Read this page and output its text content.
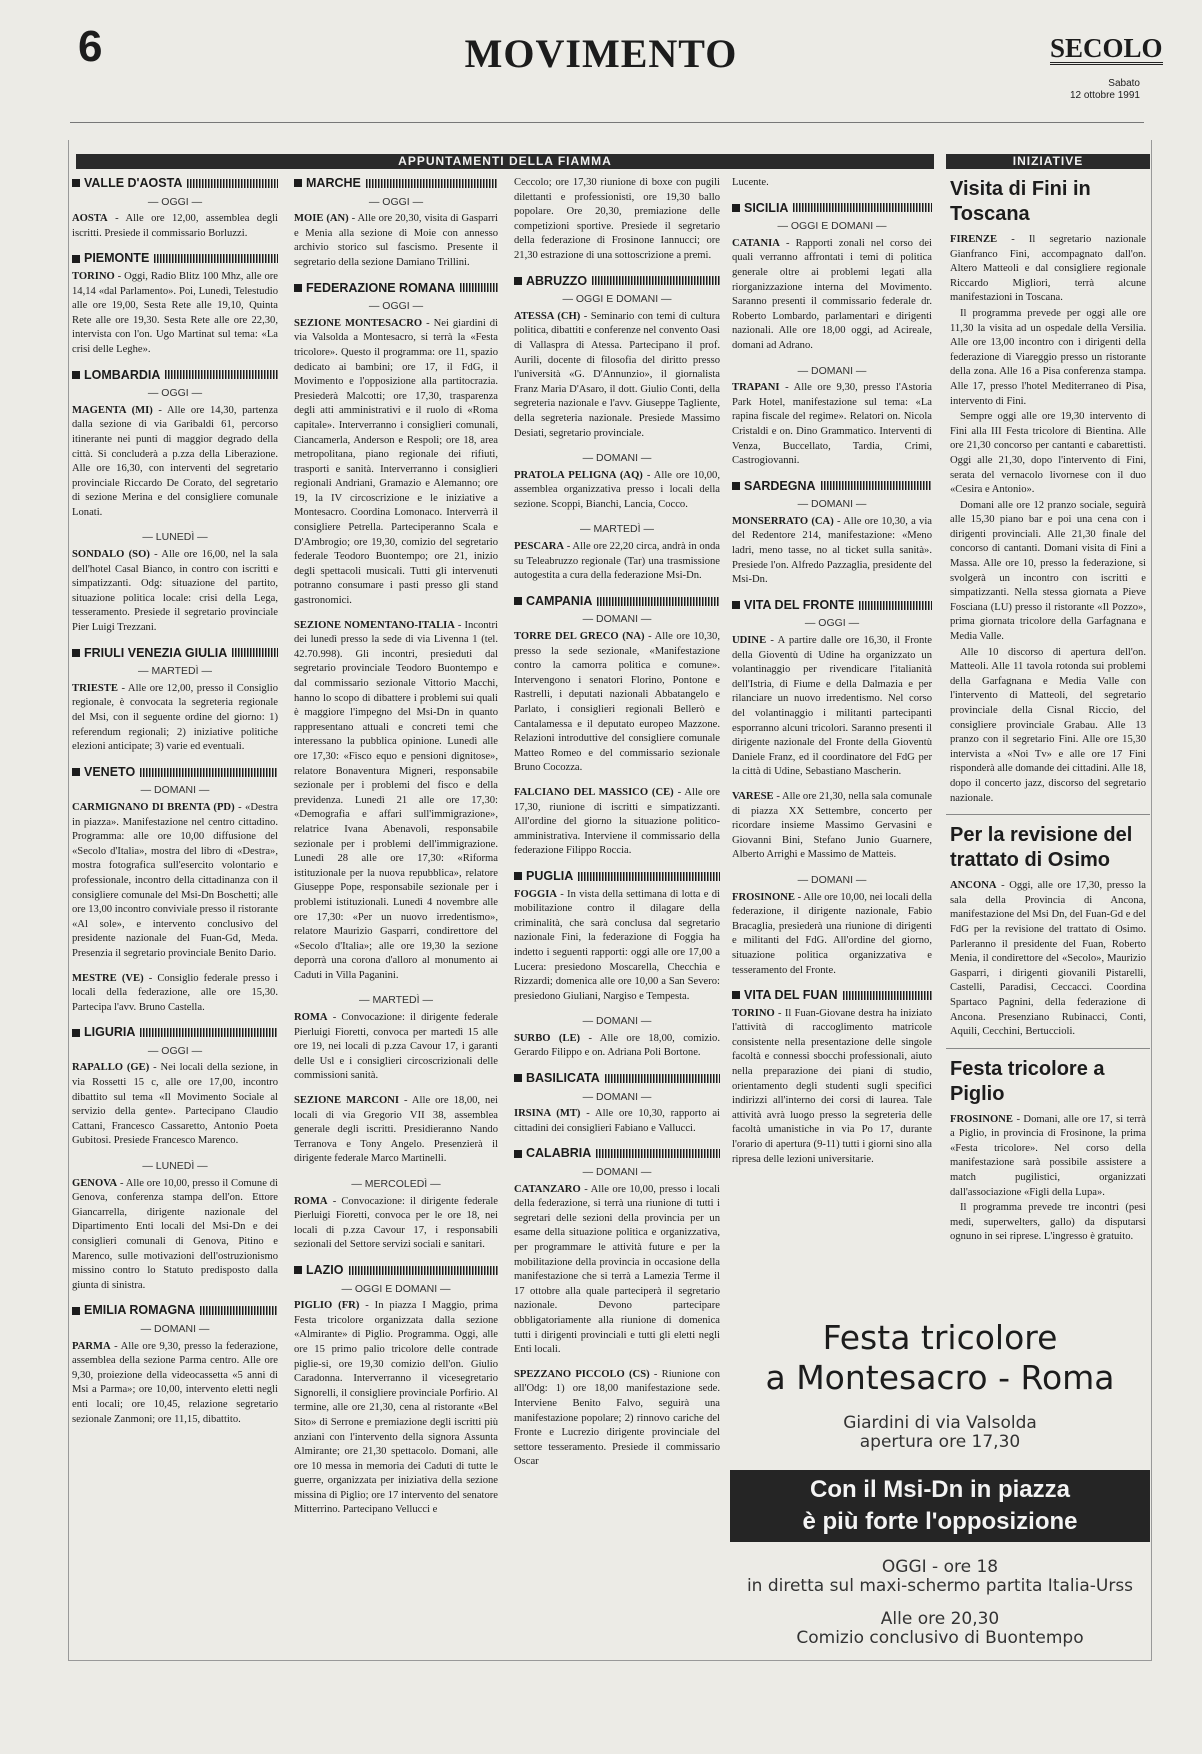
6	MOVIMENTO	SECOLO
Sabato
12 ottobre 1991
APPUNTAMENTI DELLA FIAMMA
VALLE D'AOSTA
— OGGI —

AOSTA - Alle ore 12,00, assemblea degli iscritti. Presiede il commissario Borluzzi.

PIEMONTE

TORINO - Oggi, Radio Blitz 100 Mhz, alle ore 14,14 «dal Parlamento». Poi, Lunedì, Telestudio alle ore 19,00, Sesta Rete alle 19,10, Quinta Rete alle ore 19,30. Sesta Rete alle ore 22,30, intervista con l'on. Ugo Martinat sul tema: «La crisi delle Leghe».

LOMBARDIA
— OGGI —

MAGENTA (MI) - Alle ore 14,30, partenza dalla sezione di via Garibaldi 61, percorso itinerante nei punti di maggior degrado della città. Si concluderà a p.zza della Liberazione. Alle ore 16,30, con interventi del segretario provinciale Riccardo De Corato, del segretario di sezione Merina e del consigliere comunale Lonati.

— LUNEDÌ —

SONDALO (SO) - Alle ore 16,00, nel la sala dell'hotel Casal Bianco, in contro con iscritti e simpatizzanti. Odg: situazione del partito, situazione politica locale: crisi della Lega, tesseramento. Presiede il segretario provinciale Pier Luigi Trezzani.

FRIULI VENEZIA GIULIA
— MARTEDÌ —

TRIESTE - Alle ore 12,00, presso il Consiglio regionale, è convocata la segreteria regionale del Msi, con il seguente ordine del giorno: 1) referendum regionali; 2) iniziative politiche elezioni anticipate; 3) varie ed eventuali.

VENETO
— DOMANI —

CARMIGNANO DI BRENTA (PD) - «Destra in piazza». Manifestazione nel centro cittadino. Programma: alle ore 10,00 diffusione del «Secolo d'Italia», mostra del libro di «Destra», mostra fotografica sull'esercito volontario e professionale, incontro della cittadinanza con il consigliere comunale del Msi-Dn Boschetti; alle ore 13,00 incontro conviviale presso il ristorante «Al sole», e intervento conclusivo del presidente nazionale del Fuan-Gd, Meda. Presenzia il segretario provinciale Benito Dario.

MESTRE (VE) - Consiglio federale presso i locali della federazione, alle ore 15,30. Partecipa l'avv. Bruno Castella.

LIGURIA
— OGGI —

RAPALLO (GE) - Nei locali della sezione, in via Rossetti 15 c, alle ore 17,00, incontro dibattito sul tema «Il Movimento Sociale al servizio della gente». Partecipano Claudio Cattani, Francesco Cassaretto, Antonio Poeta Gubitosi. Presiede Francesco Marenco.

— LUNEDÌ —

GENOVA - Alle ore 10,00, presso il Comune di Genova, conferenza stampa dell'on. Ettore Giancarrella, dirigente nazionale del Dipartimento Enti locali del Msi-Dn e dei consiglieri comunali di Genova, Pitino e Marenco, sulle motivazioni dell'ostruzionismo missino contro lo Statuto predisposto dalla giunta di sinistra.

EMILIA ROMAGNA
— DOMANI —

PARMA - Alle ore 9,30, presso la federazione, assemblea della sezione Parma centro. Alle ore 9,30, proiezione della videocassetta «5 anni di Msi a Parma»; ore 10,00, intervento eletti negli enti locali; ore 10,45, relazione segretario sezionale Zanmoni; ore 11,15, dibattito.

MARCHE
— OGGI —

MOIE (AN) - Alle ore 20,30, visita di Gasparri e Menia alla sezione di Moie con annesso archivio storico sul fascismo. Presente il segretario della sezione Damiano Trillini.

FEDERAZIONE ROMANA
— OGGI —

SEZIONE MONTESACRO - Nei giardini di via Valsolda a Montesacro, si terrà la «Festa tricolore». Questo il programma: ore 11, spazio dedicato ai bambini; ore 17, il FdG, il Movimento e l'opposizione alla partitocrazia. Presiederà Malcotti; ore 17,30, trasparenza degli atti amministrativi e il ruolo di «Roma capitale». Interverranno i consiglieri comunali, Ciancamerla, Anderson e Respoli; ore 18, area metropolitana, piano regionale dei rifiuti, trasporti e sanità. Interverranno i consiglieri regionali Andriani, Gramazio e Alemanno; ore 19, la IV circoscrizione e le iniziative a Montesacro. Coordina Lomonaco. Interverrà il consigliere Petrella. Parteciperanno Scala e D'Ambrogio; ore 19,30, comizio del segretario federale Teodoro Buontempo; ore 21, inizio degli spettacoli musicali. Tutti gli intervenuti potranno consumare i pasti presso gli stand gastronomici.

SEZIONE NOMENTANO-ITALIA - Incontri dei lunedì presso la sede di via Livenna 1 (tel. 42.70.998). Gli incontri, presieduti dal segretario provinciale Teodoro Buontempo e dal commissario sezionale Vittorio Macchi, hanno lo scopo di dibattere i problemi sui quali è maggiore l'impegno del Msi-Dn in quanto rappresentano attuali e concreti temi che interessano la pubblica opinione. Lunedì alle ore 17,30: «Fisco equo e pensioni dignitose», relatore Bonaventura Migneri, responsabile sezionale per i problemi del fisco e della previdenza. Lunedì 21 alle ore 17,30: «Demografia e affari sull'immigrazione», relatrice Ivana Abenavoli, responsabile sezionale per i problemi dell'immigrazione. Lunedì 28 alle ore 17,30: «Riforma istituzionale per la nuova repubblica», relatore Giuseppe Pope, responsabile sezionale per i problemi istituzionali. Lunedì 4 novembre alle ore 17,30: «Per un nuovo irredentismo», relatore Maurizio Gasparri, condirettore del «Secolo d'Italia»; alle ore 19,30 la sezione deporrà una corona d'alloro al monumento ai Caduti in Villa Paganini.

— MARTEDÌ —

ROMA - Convocazione: il dirigente federale Pierluigi Fioretti, convoca per martedì 15 alle ore 19, nei locali di p.zza Cavour 17, i garanti delle Usl e i consiglieri circoscrizionali delle commissioni sanità.

SEZIONE MARCONI - Alle ore 18,00, nei locali di via Gregorio VII 38, assemblea generale degli iscritti. Presidieranno Nando Terranova e Tony Angelo. Presenzierà il dirigente federale Marco Martinelli.

— MERCOLEDÌ —

ROMA - Convocazione: il dirigente federale Pierluigi Fioretti, convoca per le ore 18, nei locali di p.zza Cavour 17, i responsabili sezionali del Settore servizi sociali e sanitari.

LAZIO
— OGGI E DOMANI —

PIGLIO (FR) - In piazza I Maggio, prima Festa tricolore organizzata dalla sezione «Almirante» di Piglio. Programma. Oggi, alle ore 15 primo palio tricolore delle contrade piglie-si, ore 19,30 comizio dell'on. Giulio Caradonna. Interverranno il vicesegretario Signorelli, il consigliere provinciale Porfirio. Al termine, alle ore 21,30, cena al ristorante «Bel Sito» di Serrone e premiazione degli iscritti più anziani con l'intervento della signora Assunta Almirante; ore 21,30 spettacolo. Domani, alle ore 10 messa in memoria dei Caduti di tutte le guerre, organizzata per iniziativa della sezione missina di Piglio; ore 17 intervento del senatore Mitterrino. Partecipano Vellucci e

Ceccolo; ore 17,30 riunione di boxe con pugili dilettanti e professionisti, ore 19,30 ballo popolare. Ore 20,30, premiazione delle competizioni sportive. Presiede il segretario della federazione di Frosinone Iannucci; ore 21,30 estrazione di una sottoscrizione a premi.

ABRUZZO
— OGGI E DOMANI —

ATESSA (CH) - Seminario con temi di cultura politica, dibattiti e conferenze nel convento Oasi di Vallaspra di Atessa. Partecipano il prof. Aurili, docente di filosofia del diritto presso l'università «G. D'Annunzio», il giornalista Franz Maria D'Asaro, il dott. Giulio Conti, della segreteria nazionale e l'avv. Giuseppe Tagliente, della segreteria nazionale. Presiede Massimo Desiati, segretario provinciale.

— DOMANI —

PRATOLA PELIGNA (AQ) - Alle ore 10,00, assemblea organizzativa presso i locali della sezione. Scoppi, Bianchi, Lancia, Cocco.

— MARTEDÌ —

PESCARA - Alle ore 22,20 circa, andrà in onda su Teleabruzzo regionale (Tar) una trasmissione autogestita a cura della federazione Msi-Dn.

CAMPANIA
— DOMANI —

TORRE DEL GRECO (NA) - Alle ore 10,30, presso la sede sezionale, «Manifestazione contro la camorra politica e comune». Intervengono i senatori Florino, Pontone e Rastrelli, i deputati nazionali Abbatangelo e Parlato, i consiglieri regionali Bellerò e Cantalamessa e il deputato europeo Mazzone. Relazioni introduttive del consigliere comunale Matteo Romeo e del commissario sezionale Bruno Cocozza.

FALCIANO DEL MASSICO (CE) - Alle ore 17,30, riunione di iscritti e simpatizzanti. All'ordine del giorno la situazione politico-amministrativa. Interviene il commissario della federazione Filippo Roccia.

PUGLIA

FOGGIA - In vista della settimana di lotta e di mobilitazione contro il dilagare della criminalità, che sarà conclusa dal segretario nazionale Fini, la federazione di Foggia ha indetto i seguenti rapporti: oggi alle ore 17,00 a Lucera: presiedono Moscarella, Checchia e Rizzardi; domenica alle ore 10,00 a San Severo: presiedono Giuliani, Nargiso e Tempesta.

— DOMANI —

SURBO (LE) - Alle ore 18,00, comizio. Gerardo Filippo e on. Adriana Poli Bortone.

BASILICATA
— DOMANI —

IRSINA (MT) - Alle ore 10,30, rapporto ai cittadini dei consiglieri Fabiano e Vallucci.

CALABRIA
— DOMANI —

CATANZARO - Alle ore 10,00, presso i locali della federazione, si terrà una riunione di tutti i segretari delle sezioni della provincia per un esame della situazione politica e organizzativa, per programmare le attività future e per la mobilitazione della provincia in occasione della manifestazione che si terrà a Lamezia Terme il 17 ottobre alla quale parteciperà il segretario nazionale. Devono partecipare obbligatoriamente alla riunione di domenica tutti i dirigenti provinciali e tutti gli eletti negli Enti locali.

SPEZZANO PICCOLO (CS) - Riunione con all'Odg: 1) ore 18,00 manifestazione sede. Interviene Benito Falvo, seguirà una manifestazione popolare; 2) rinnovo cariche del Fronte e Lucrezio dirigente provinciale del settore tesseramento. Presiede il commissario Oscar

Lucente.

SICILIA
— OGGI E DOMANI —

CATANIA - Rapporti zonali nel corso dei quali verranno affrontati i temi di politica generale oltre ai problemi legati alla riorganizzazione interna del Movimento. Saranno presenti il commissario federale dr. Roberto Lombardo, parlamentari e dirigenti nazionali. Alle ore 18,00 oggi, ad Acireale, domani ad Adrano.

— DOMANI —

TRAPANI - Alle ore 9,30, presso l'Astoria Park Hotel, manifestazione sul tema: «La rapina fiscale del regime». Relatori on. Nicola Cristaldi e on. Dino Grammatico. Interventi di Venza, Buccellato, Tardia, Crimi, Castrogiovanni.

SARDEGNA
— DOMANI —

MONSERRATO (CA) - Alle ore 10,30, a via del Redentore 214, manifestazione: «Meno ladri, meno tasse, no al ticket sulla sanità». Presiede l'on. Alfredo Pazzaglia, presidente del Msi-Dn.

VITA DEL FRONTE
— OGGI —

UDINE - A partire dalle ore 16,30, il Fronte della Gioventù di Udine ha organizzato un volantinaggio per rivendicare l'italianità dell'Istria, di Fiume e della Dalmazia e per rilanciare un nuovo irredentismo. Nel corso del volantinaggio i militanti partecipanti esporranno alcuni tricolori. Saranno presenti il dirigente nazionale del Fronte della Gioventù Daniele Franz, ed il coordinatore del FdG per la città di Udine, Sebastiano Mascherin.

VARESE - Alle ore 21,30, nella sala comunale di piazza XX Settembre, concerto per ricordare insieme Massimo Gervasini e Giovanni Bini, Stefano Junio Guarnere, Alberto Arrighi e Massimo de Matteis.

— DOMANI —

FROSINONE - Alle ore 10,00, nei locali della federazione, il dirigente nazionale, Fabio Bracaglia, presiederà una riunione di dirigenti e militanti del FdG. All'ordine del giorno, situazione politica organizzativa e tesseramento del Fronte.

VITA DEL FUAN

TORINO - Il Fuan-Giovane destra ha iniziato l'attività di raccoglimento matricole consistente nella presentazione delle singole facoltà e connessi sbocchi professionali, aiuto nella preparazione dei piani di studio, orientamento degli studenti sugli specifici indirizzi all'interno dei corsi di laurea. Tale attività avrà luogo presso la segreteria delle facoltà umanistiche in via Po 17, durante l'orario di apertura (9-11) tutti i giorni sino alla ripresa delle lezioni universitarie.

INIZIATIVE
Visita di Fini in Toscana

FIRENZE - Il segretario nazionale Gianfranco Fini, accompagnato dall'on. Altero Matteoli e dal consigliere regionale Riccardo Migliori, terrà alcune manifestazioni in Toscana.

Il programma prevede per oggi alle ore 11,30 la visita ad un ospedale della Versilia. Alle ore 13,00 incontro con i dirigenti della federazione di Viareggio presso un ristorante della zona. Alle 16 a Pisa conferenza stampa. Alle 17, presso l'hotel Mediterraneo di Pisa, intervento di Fini.

Sempre oggi alle ore 19,30 intervento di Fini alla III Festa tricolore di Bientina. Alle ore 21,30 concorso per cantanti e cabarettisti. Oggi alle 21,30, dopo l'intervento di Fini, serata del vernacolo livornese con il duo «Cesira e Antonio».

Domani alle ore 12 pranzo sociale, seguirà alle 15,30 piano bar e poi una cena con i dirigenti provinciali. Alle 21,30 finale del concorso di cantanti. Domani visita di Fini a Massa. Alle ore 10, presso la federazione, si svolgerà un incontro con iscritti e simpatizzanti. Nella stessa giornata a Pieve Fosciana (LU) presso il ristorante «Il Pozzo», prima giornata tricolore della Garfagnana e Media Valle.

Alle 10 discorso di apertura dell'on. Matteoli. Alle 11 tavola rotonda sui problemi della Garfagnana e Media Valle con l'intervento di Matteoli, del segretario provinciale della Cisnal Riccio, del consigliere provinciale Grabau. Alle 13 pranzo con il segretario Fini. Alle ore 15,30 intervista a «Noi Tv» e alle ore 17 Fini risponderà alle domande dei cittadini. Alle 18, dopo il concerto jazz, discorso del segretario nazionale.

Per la revisione del trattato di Osimo

ANCONA - Oggi, alle ore 17,30, presso la sala della Provincia di Ancona, manifestazione del Msi Dn, del Fuan-Gd e del FdG per la revisione del trattato di Osimo. Parleranno il presidente del Fuan, Roberto Menia, il condirettore del «Secolo», Maurizio Gasparri, i dirigenti giovanili Pistarelli, Castelli, Paradisi, Ceccacci. Coordina Spartaco Pagnini, della federazione di Ancona. Presenziano Rubinacci, Conti, Aquili, Cecchini, Bertuccioli.

Festa tricolore a Piglio

FROSINONE - Domani, alle ore 17, si terrà a Piglio, in provincia di Frosinone, la prima «Festa tricolore». Nel corso della manifestazione sarà possibile assistere a match pugilistici, organizzati dall'associazione «Figli della Lupa».

Il programma prevede tre incontri (pesi medi, superwelters, gallo) da disputarsi ognuno in sei riprese. L'ingresso è gratuito.

Festa tricolore
a Montesacro - Roma
Giardini di via Valsolda
apertura ore 17,30
Con il Msi-Dn in piazza
è più forte l'opposizione
OGGI - ore 18
in diretta sul maxi-schermo partita Italia-Urss
Alle ore 20,30
Comizio conclusivo di Buontempo
